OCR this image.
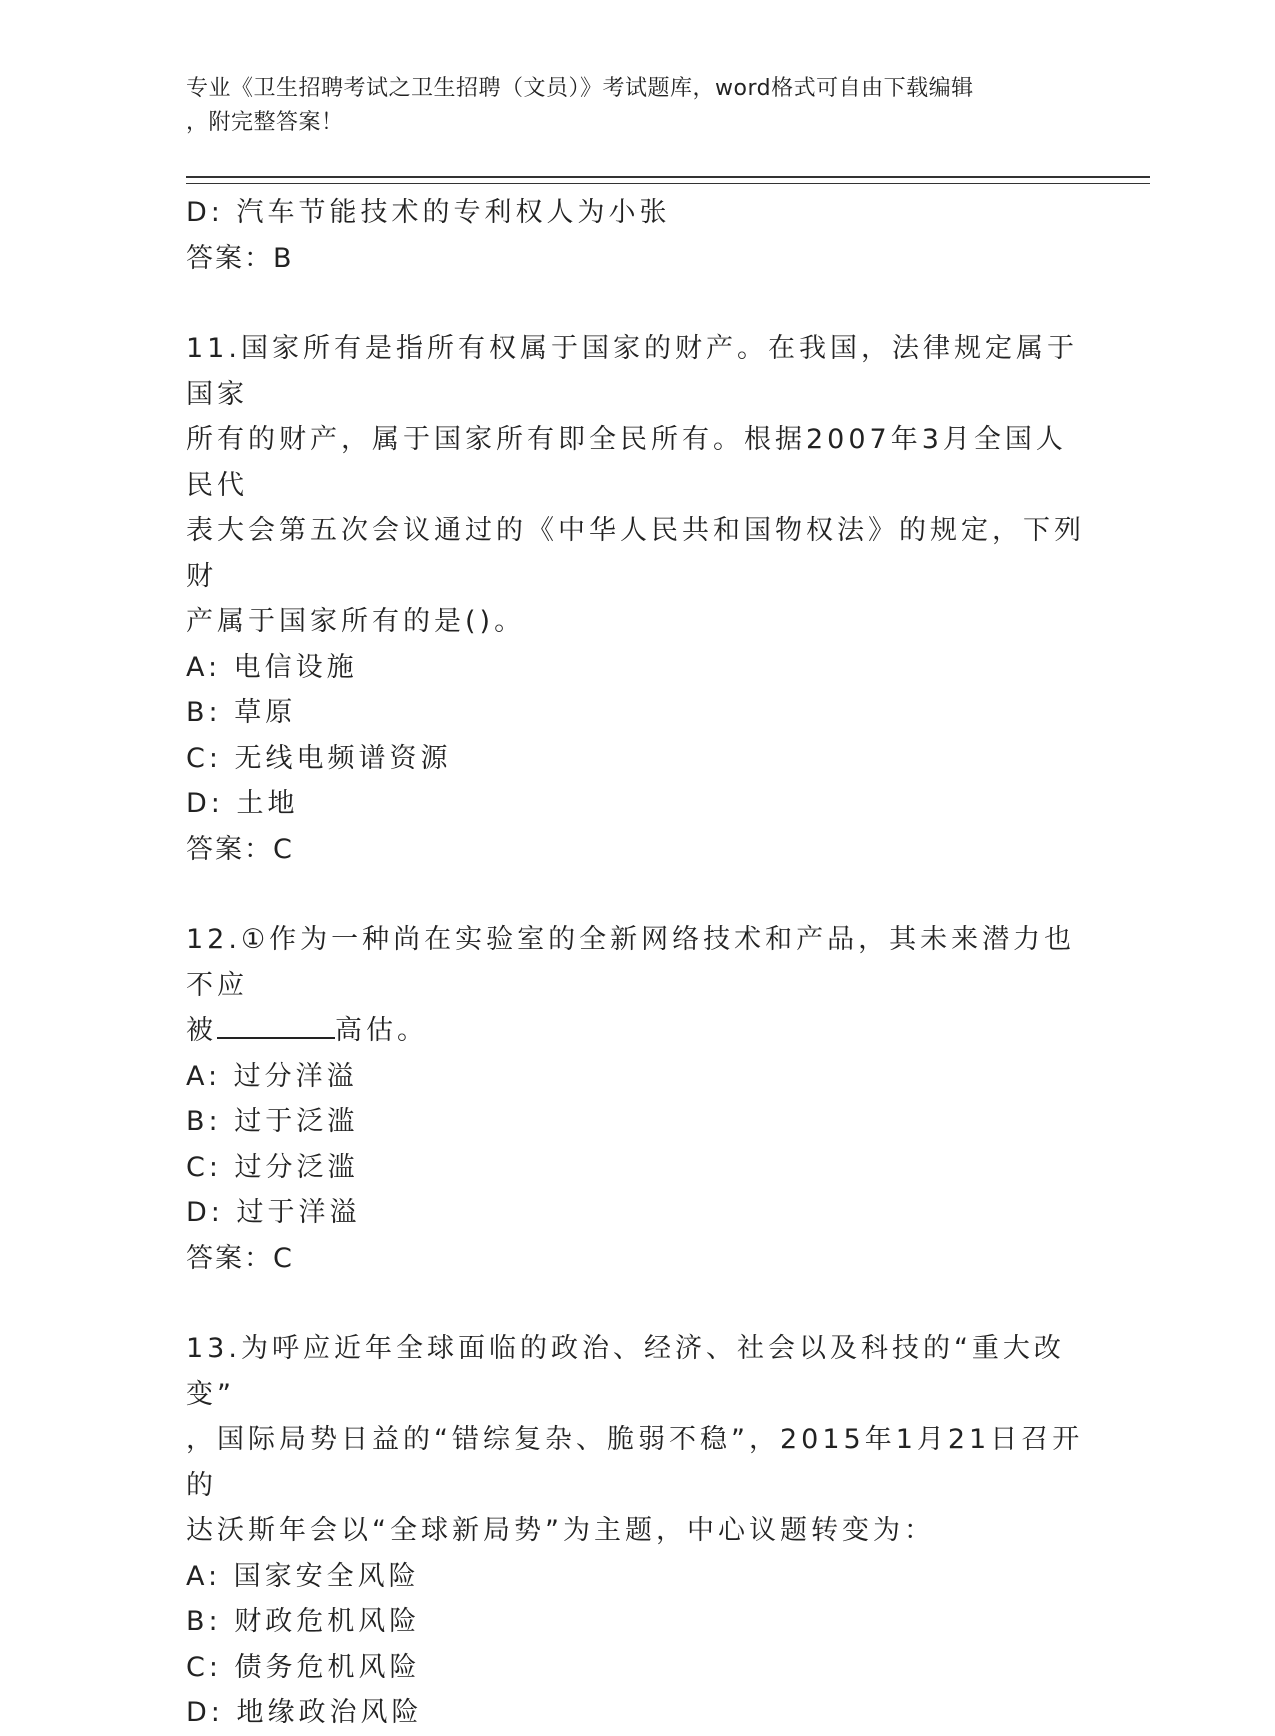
专业《卫生招聘考试之卫生招聘（文员）》考试题库，word格式可自由下载编辑
，附完整答案！
D: 汽车节能技术的专利权人为小张
答案：B
11.国家所有是指所有权属于国家的财产。在我国，法律规定属于国家
所有的财产，属于国家所有即全民所有。根据2007年3月全国人民代
表大会第五次会议通过的《中华人民共和国物权法》的规定，下列财
产属于国家所有的是()。
A: 电信设施
B: 草原
C: 无线电频谱资源
D: 土地
答案：C
12.①作为一种尚在实验室的全新网络技术和产品，其未来潜力也不应
被	高估。
A: 过分洋溢
B: 过于泛滥
C: 过分泛滥
D: 过于洋溢
答案：C
13.为呼应近年全球面临的政治、经济、社会以及科技的“重大改变”
，国际局势日益的“错综复杂、脆弱不稳”，2015年1月21日召开的
达沃斯年会以“全球新局势”为主题，中心议题转变为：
A: 国家安全风险
B: 财政危机风险
C: 债务危机风险
D: 地缘政治风险
